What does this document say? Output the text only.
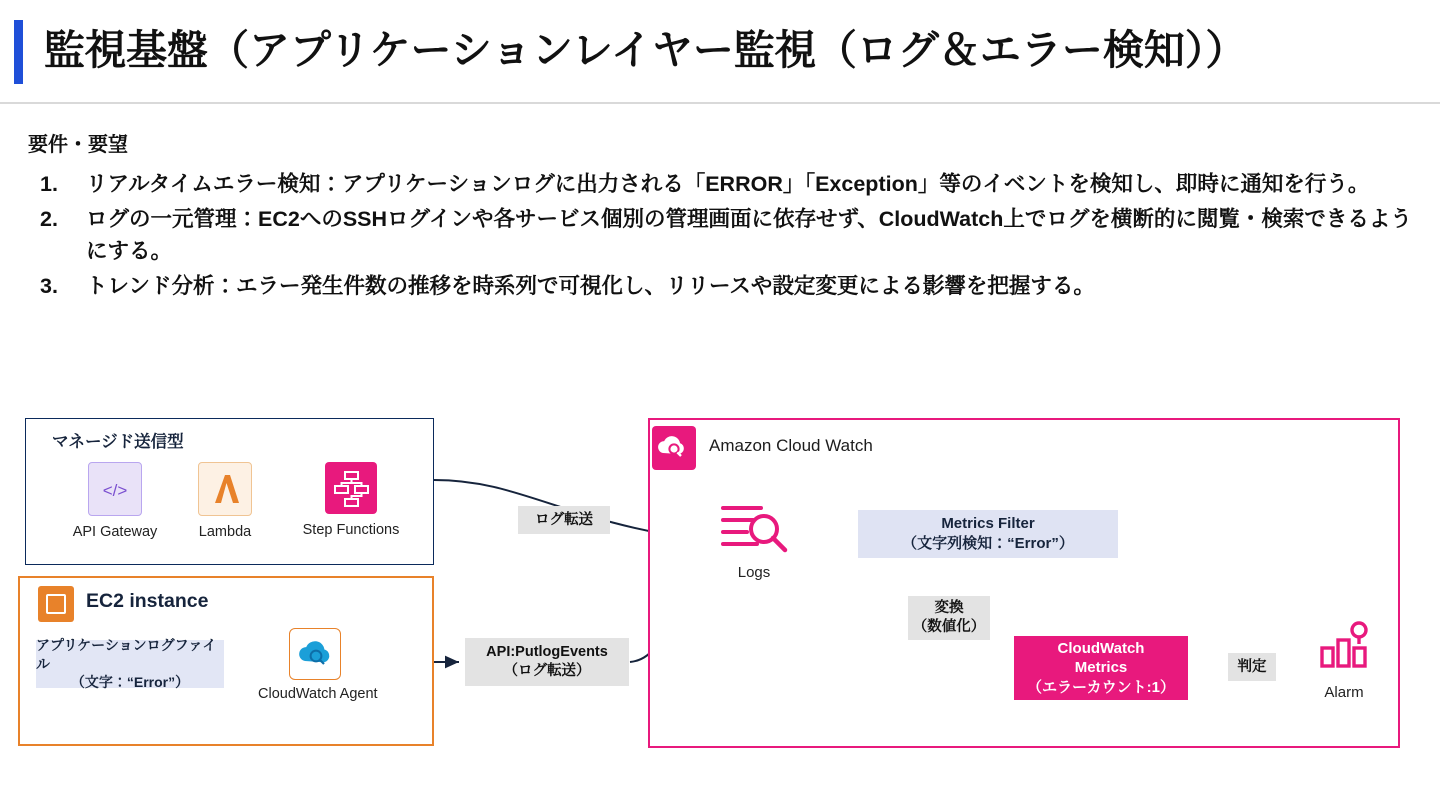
監視基盤（アプリケーションレイヤー監視（ログ＆エラー検知））
要件・要望
1.	リアルタイムエラー検知：アプリケーションログに出力される「ERROR」「Exception」等のイベントを検知し、即時に通知を行う。
2.	ログの一元管理：EC2へのSSHログインや各サービス個別の管理画面に依存せず、CloudWatch上でログを横断的に閲覧・検索できるようにする。
3.	トレンド分析：エラー発生件数の推移を時系列で可視化し、リリースや設定変更による影響を把握する。
マネージド送信型
</>
API Gateway	Lambda	Step Functions
EC2 instance
アプリケーションログファイル
（文字：“Error”）
CloudWatch Agent
ログ転送
API:PutlogEvents
（ログ転送）
Amazon Cloud Watch
Logs
Metrics Filter
（文字列検知：“Error”）
変換
（数値化）
CloudWatch
Metrics
（エラーカウント:1）
判定
Alarm
